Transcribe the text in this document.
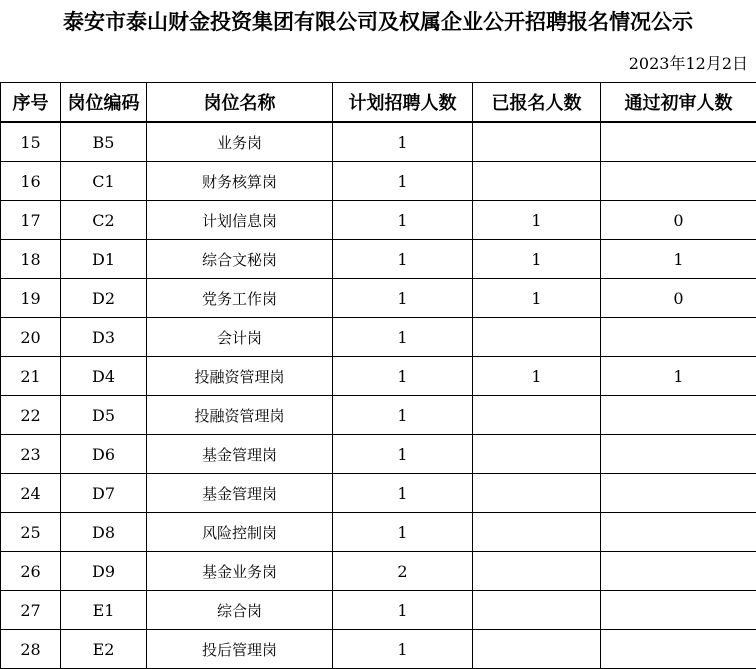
泰安市泰山财金投资集团有限公司及权属企业公开招聘报名情况公示
2023年12月2日
序号	岗位编码	岗位名称	计划招聘人数	已报名人数	通过初审人数
15	B5	业务岗	1		
16	C1	财务核算岗	1		
17	C2	计划信息岗	1	1	0
18	D1	综合文秘岗	1	1	1
19	D2	党务工作岗	1	1	0
20	D3	会计岗	1		
21	D4	投融资管理岗	1	1	1
22	D5	投融资管理岗	1		
23	D6	基金管理岗	1		
24	D7	基金管理岗	1		
25	D8	风险控制岗	1		
26	D9	基金业务岗	2		
27	E1	综合岗	1		
28	E2	投后管理岗	1		
